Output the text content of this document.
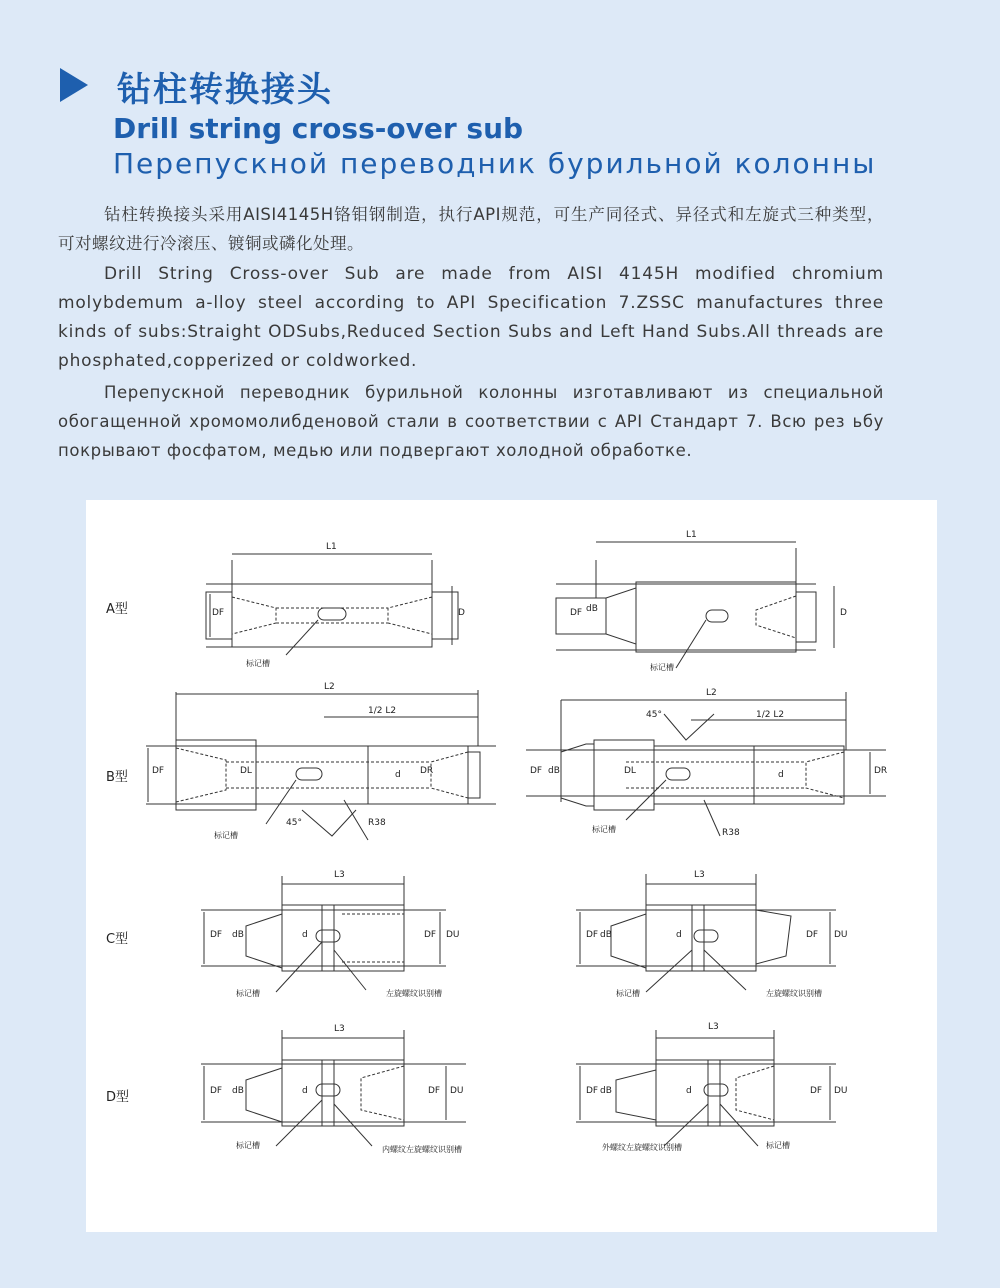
钻柱转换接头
Drill string cross-over sub
Перепускной переводник бурильной колонны
钻柱转换接头采用AISI4145H铬钼钢制造，执行API规范，可生产同径式、异径式和左旋式三种类型，可对螺纹进行冷滚压、镀铜或磷化处理。
Drill String Cross-over Sub are made from AISI 4145H modified chromium molybdemum a-lloy steel according to API Specification 7.ZSSC manufactures three kinds of subs:Straight ODSubs,Reduced Section Subs and Left Hand Subs.All threads are phosphated,copperized or coldworked.
Перепускной переводник бурильной колонны изготавливают из специальной обогащенной хромомолибденовой стали в соответствии с API Стандарт 7. Всю рез ьбу покрывают фосфатом, медью или подвергают холодной обработке.
A型
B型
C型
D型
L1
L1
L2
1/2 L2
L2
1/2 L2
L3	L3
L3	L3
R38
R38
45°
45°
D	D
DF	DF dB
DF	DL	d DR	DF dB	DL	d	DR
DF dB	d	DF DU	DF dB	d	DF DU
DF dB	d	DF DU	DF dB	d	DF DU
标记槽	标记槽
标记槽
标记槽
标记槽	左旋螺纹识别槽	标记槽	左旋螺纹识别槽
标记槽	内螺纹左旋螺纹识别槽	外螺纹左旋螺纹识别槽	标记槽
